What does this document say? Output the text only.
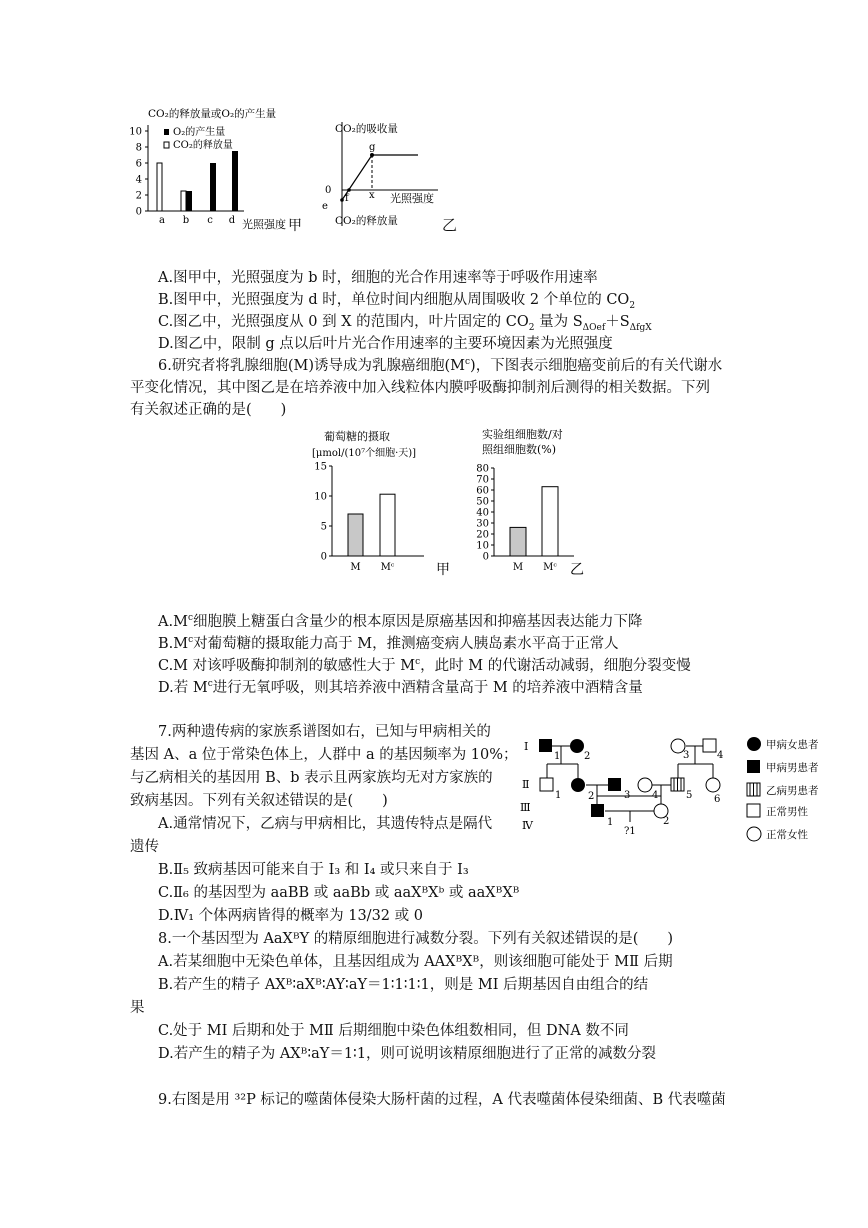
CO₂的释放量或O₂的产生量
0
2
4
6
8
10
a b c d
O₂的产生量
CO₂的释放量
光照强度 甲
CO₂的吸收量
CO₂的释放量
光照强度
g
0
e
f x
乙
A.图甲中，光照强度为 b 时，细胞的光合作用速率等于呼吸作用速率
B.图甲中，光照强度为 d 时，单位时间内细胞从周围吸收 2 个单位的 $CO_2$
C.图乙中，光照强度从 0 到 X 的范围内，叶片固定的 $CO_2$ 量为 $S_{\Delta Oef}+S_{\Delta fgX}$
D.图乙中，限制 g 点以后叶片光合作用速率的主要环境因素为光照强度
6.研究者将乳腺细胞(M)诱导成为乳腺癌细胞$(M^c)$，下图表示细胞癌变前后的有关代谢水
平变化情况，其中图乙是在培养液中加入线粒体内膜呼吸酶抑制剂后测得的相关数据。下列
有关叙述正确的是(　　)
葡萄糖的摄取
[μmol/(10⁷个细胞·天)]
0
5
10
15
M Mᶜ	甲
实验组细胞数/对
照组细胞数(%)
0
10
20
30
40
50
60
70
80
M Mᶜ 乙
$A.M^c$细胞膜上糖蛋白含量少的根本原因是原癌基因和抑癌基因表达能力下降
$B.M^c$对葡萄糖的摄取能力高于 M，推测癌变病人胰岛素水平高于正常人
C.M 对该呼吸酶抑制剂的敏感性大于 $M^c$，此时 M 的代谢活动减弱，细胞分裂变慢
D.若 $M^c$进行无氧呼吸，则其培养液中酒精含量高于 M 的培养液中酒精含量
7.两种遗传病的家族系谱图如右，已知与甲病相关的
基因 A、a 位于常染色体上，人群中 a 的基因频率为 10%；
与乙病相关的基因用 B、b 表示且两家族均无对方家族的
致病基因。下列有关叙述错误的是(　　)
A.通常情况下，乙病与甲病相比，其遗传特点是隔代
遗传
B.Ⅱ₅ 致病基因可能来自于 I₃ 和 I₄ 或只来自于 I₃
C.Ⅱ₆ 的基因型为 aaBB 或 aaBb 或 aaXᴮXᵇ 或 aaXᴮXᴮ
D.Ⅳ₁ 个体两病皆得的概率为 13/32 或 0
I
Ⅱ
Ⅲ
Ⅳ
1 2	3	4
1	2	3 4	5 6
1	2
?1
甲病女患者
甲病男患者
乙病男患者
正常男性
正常女性
8.一个基因型为 AaXᴮY 的精原细胞进行减数分裂。下列有关叙述错误的是(　　)
A.若某细胞中无染色单体，且基因组成为 AAXᴮXᴮ，则该细胞可能处于 MⅡ 后期
B.若产生的精子 AXᴮ∶aXᴮ∶AY∶aY＝1∶1∶1∶1，则是 MⅠ 后期基因自由组合的结
果
C.处于 MⅠ 后期和处于 MⅡ 后期细胞中染色体组数相同，但 DNA 数不同
D.若产生的精子为 AXᴮ∶aY＝1∶1，则可说明该精原细胞进行了正常的减数分裂
9.右图是用 ³²P 标记的噬菌体侵染大肠杆菌的过程，A 代表噬菌体侵染细菌、B 代表噬菌
